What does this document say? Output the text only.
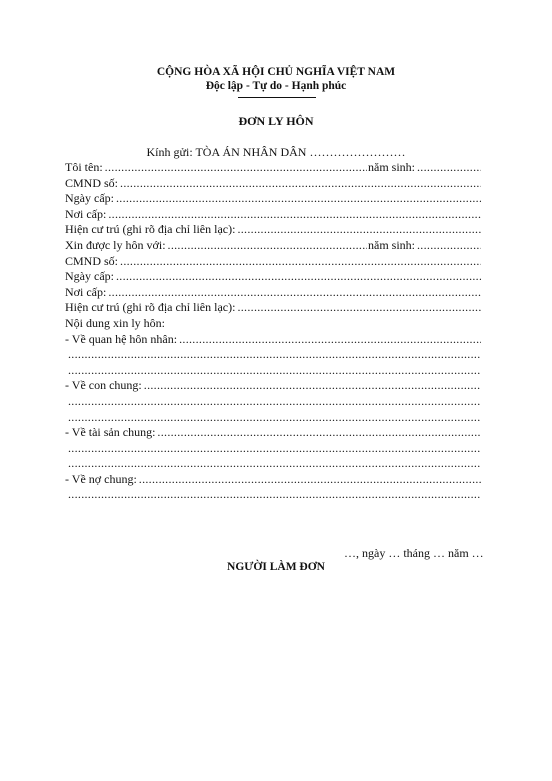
CỘNG HÒA XÃ HỘI CHỦ NGHĨA VIỆT NAM
Độc lập - Tự do - Hạnh phúc
ĐƠN LY HÔN
Kính gửi: TÒA ÁN NHÂN DÂN ……………………
Tôi tên: .....	năm sinh:
.....
CMND số:
.....
Ngày cấp:
.....
Nơi cấp:
.....
Hiện cư trú (ghi rõ địa chỉ liên lạc):
.....
Xin được ly hôn với: .....	năm sinh:
.....
CMND số:
.....
Ngày cấp:
.....
Nơi cấp:
.....
Hiện cư trú (ghi rõ địa chỉ liên lạc):
.....
Nội dung xin ly hôn:
- Về quan hệ hôn nhân:
.....
.....
.....
- Về con chung:
.....
.....
.....
- Về tài sản chung:
.....
.....
.....
- Về nợ chung:
.....
.....
…, ngày … tháng … năm …
NGƯỜI LÀM ĐƠN
